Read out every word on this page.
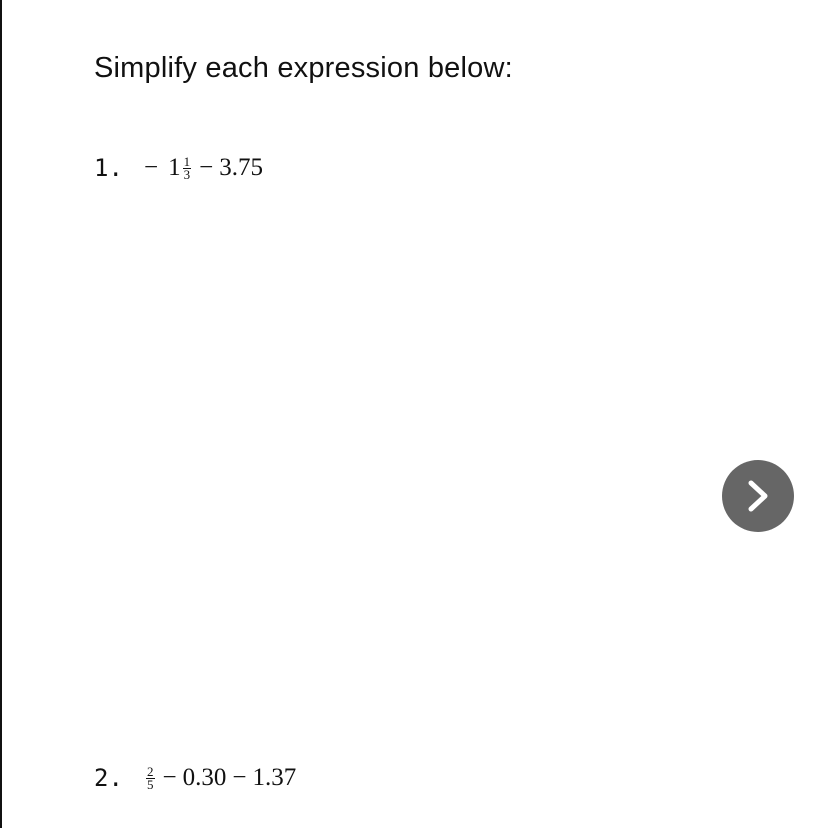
Simplify each expression below:
1. − $1 \frac{1}{3} - 3.75$
2.	$\frac{2}{5} - 0.30 - 1.37$
